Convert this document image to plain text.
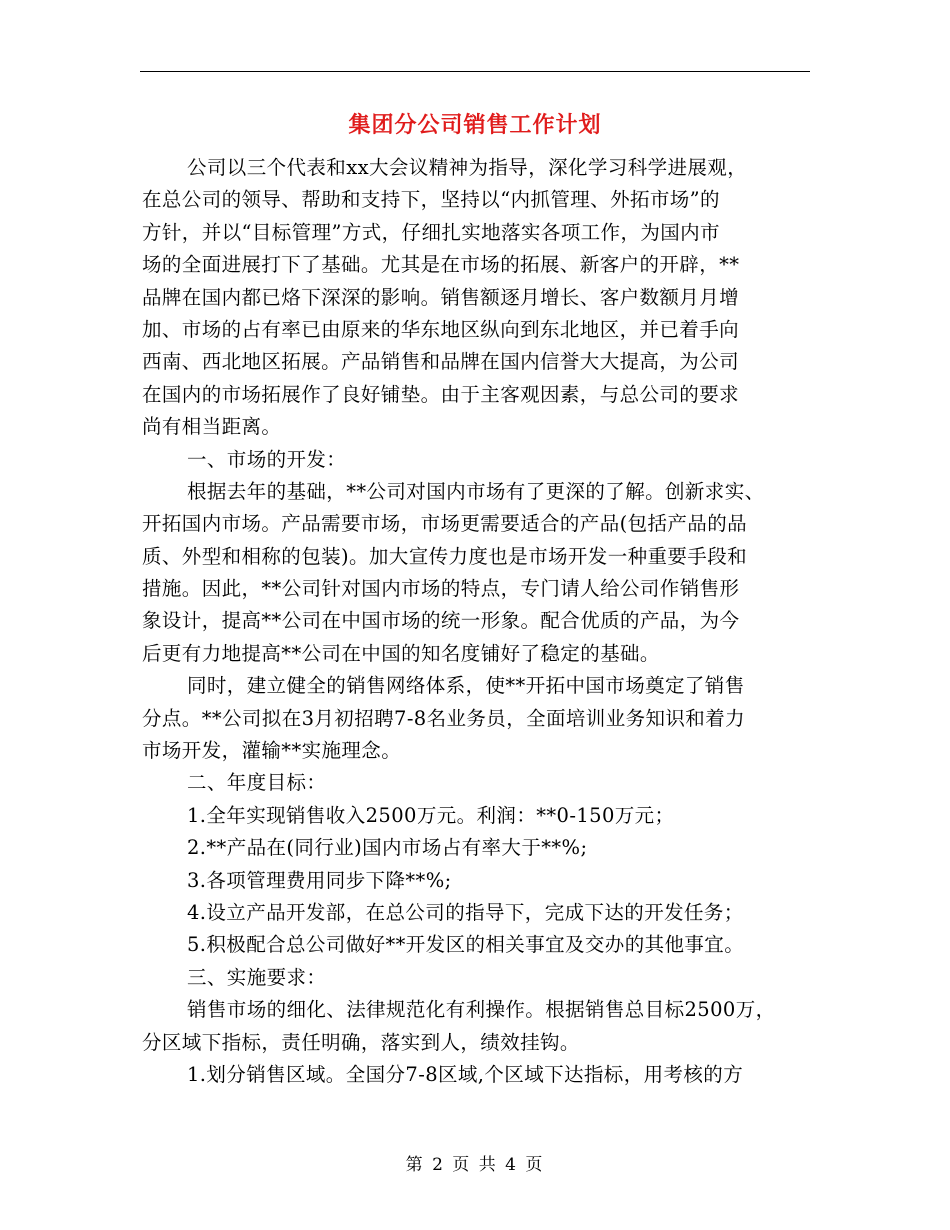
集团分公司销售工作计划
公司以三个代表和xx大会议精神为指导，深化学习科学进展观，
在总公司的领导、帮助和支持下，坚持以“内抓管理、外拓市场”的
方针，并以“目标管理”方式，仔细扎实地落实各项工作，为国内市
场的全面进展打下了基础。尤其是在市场的拓展、新客户的开辟，**
品牌在国内都已烙下深深的影响。销售额逐月增长、客户数额月月增
加、市场的占有率已由原来的华东地区纵向到东北地区，并已着手向
西南、西北地区拓展。产品销售和品牌在国内信誉大大提高，为公司
在国内的市场拓展作了良好铺垫。由于主客观因素，与总公司的要求
尚有相当距离。
一、市场的开发：
根据去年的基础，**公司对国内市场有了更深的了解。创新求实、
开拓国内市场。产品需要市场，市场更需要适合的产品(包括产品的品
质、外型和相称的包装)。加大宣传力度也是市场开发一种重要手段和
措施。因此，**公司针对国内市场的特点，专门请人给公司作销售形
象设计，提高**公司在中国市场的统一形象。配合优质的产品，为今
后更有力地提高**公司在中国的知名度铺好了稳定的基础。
同时，建立健全的销售网络体系，使**开拓中国市场奠定了销售
分点。**公司拟在3月初招聘7-8名业务员，全面培训业务知识和着力
市场开发，灌输**实施理念。
二、年度目标：
1.全年实现销售收入2500万元。利润：**0-150万元；
2.**产品在(同行业)国内市场占有率大于**%;
3.各项管理费用同步下降**%;
4.设立产品开发部，在总公司的指导下，完成下达的开发任务；
5.积极配合总公司做好**开发区的相关事宜及交办的其他事宜。
三、实施要求：
销售市场的细化、法律规范化有利操作。根据销售总目标2500万，
分区域下指标，责任明确，落实到人，绩效挂钩。
1.划分销售区域。全国分7-8区域,个区域下达指标，用考核的方
第 2 页 共 4 页
